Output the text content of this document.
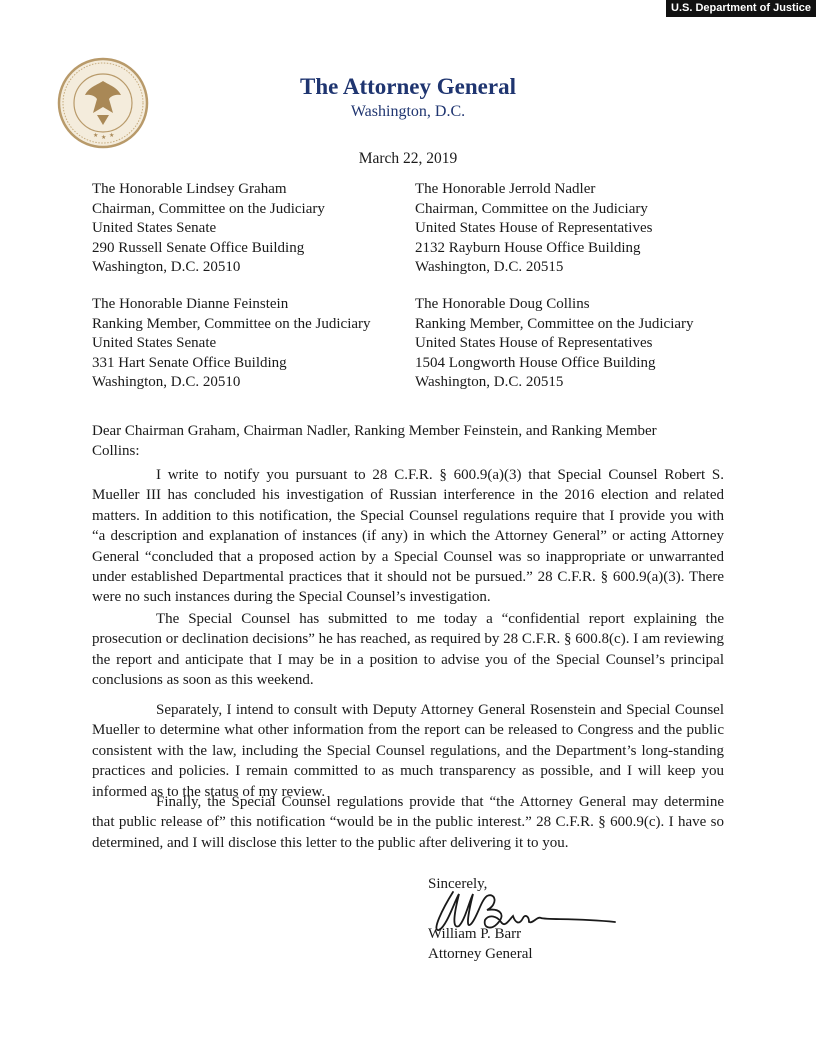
U.S. Department of Justice
★ ★ ★
The Attorney General
Washington, D.C.
March 22, 2019
The Honorable Lindsey Graham
Chairman, Committee on the Judiciary
United States Senate
290 Russell Senate Office Building
Washington, D.C. 20510
The Honorable Jerrold Nadler
Chairman, Committee on the Judiciary
United States House of Representatives
2132 Rayburn House Office Building
Washington, D.C. 20515
The Honorable Dianne Feinstein
Ranking Member, Committee on the Judiciary
United States Senate
331 Hart Senate Office Building
Washington, D.C. 20510
The Honorable Doug Collins
Ranking Member, Committee on the Judiciary
United States House of Representatives
1504 Longworth House Office Building
Washington, D.C. 20515
Dear Chairman Graham, Chairman Nadler, Ranking Member Feinstein, and Ranking Member Collins:
I write to notify you pursuant to 28 C.F.R. § 600.9(a)(3) that Special Counsel Robert S. Mueller III has concluded his investigation of Russian interference in the 2016 election and related matters. In addition to this notification, the Special Counsel regulations require that I provide you with “a description and explanation of instances (if any) in which the Attorney General” or acting Attorney General “concluded that a proposed action by a Special Counsel was so inappropriate or unwarranted under established Departmental practices that it should not be pursued.” 28 C.F.R. § 600.9(a)(3). There were no such instances during the Special Counsel’s investigation.
The Special Counsel has submitted to me today a “confidential report explaining the prosecution or declination decisions” he has reached, as required by 28 C.F.R. § 600.8(c). I am reviewing the report and anticipate that I may be in a position to advise you of the Special Counsel’s principal conclusions as soon as this weekend.
Separately, I intend to consult with Deputy Attorney General Rosenstein and Special Counsel Mueller to determine what other information from the report can be released to Congress and the public consistent with the law, including the Special Counsel regulations, and the Department’s long-standing practices and policies. I remain committed to as much transparency as possible, and I will keep you informed as to the status of my review.
Finally, the Special Counsel regulations provide that “the Attorney General may determine that public release of” this notification “would be in the public interest.” 28 C.F.R. § 600.9(c). I have so determined, and I will disclose this letter to the public after delivering it to you.
Sincerely,
William P. Barr
Attorney General
